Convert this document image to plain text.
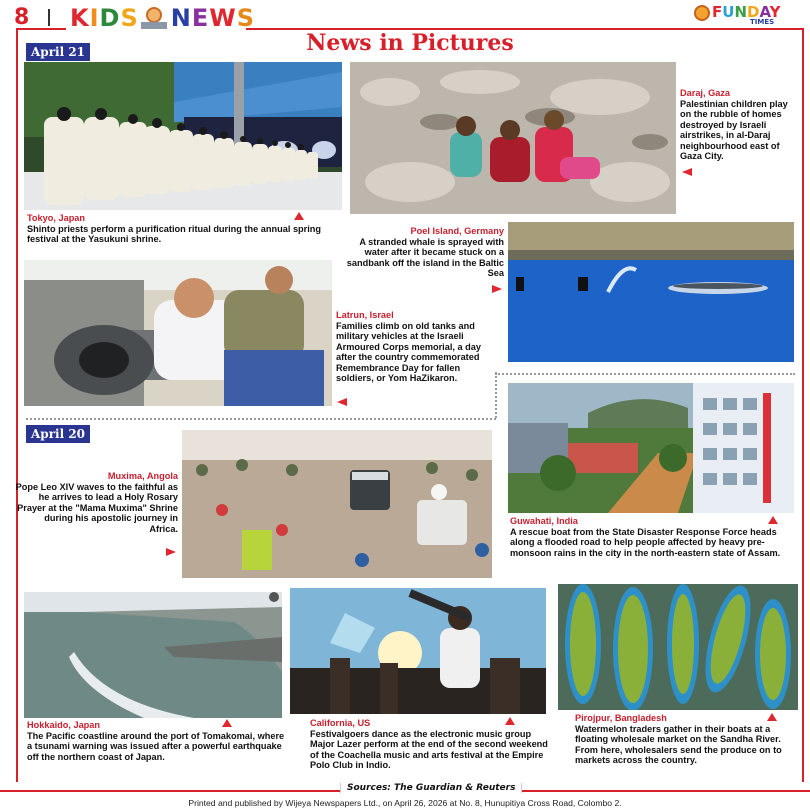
8 K I D S N E W S	FUNDAY
TIMES
News in Pictures
April 21
Tokyo, Japan
Shinto priests perform a purification ritual during the annual spring festival at the Yasukuni shrine.
Daraj, Gaza
Palestinian children play on the rubble of homes destroyed by Israeli airstrikes, in al-Daraj neighbourhood east of Gaza City.
Poel Island, Germany
A stranded whale is sprayed with water after it became stuck on a sandbank off the island in the Baltic Sea
Latrun, Israel
Families climb on old tanks and military vehicles at the Israeli Armoured Corps memorial, a day after the country commemorated Remembrance Day for fallen soldiers, or Yom HaZikaron.
April 20
Muxima, Angola
Pope Leo XIV waves to the faithful as he arrives to lead a Holy Rosary Prayer at the "Mama Muxima" Shrine during his apostolic journey in Africa.
Guwahati, India
A rescue boat from the State Disaster Response Force heads along a flooded road to help people affected by heavy pre-monsoon rains in the city in the north-eastern state of Assam.
Hokkaido, Japan
The Pacific coastline around the port of Tomakomai, where a tsunami warning was issued after a powerful earthquake off the northern coast of Japan.
California, US
Festivalgoers dance as the electronic music group Major Lazer perform at the end of the second weekend of the Coachella music and arts festival at the Empire Polo Club in Indio.
Pirojpur, Bangladesh
Watermelon traders gather in their boats at a floating wholesale market on the Sandha River. From here, wholesalers send the produce on to markets across the country.
Sources: The Guardian & Reuters
Printed and published by Wijeya Newspapers Ltd., on April 26, 2026 at No. 8, Hunupitiya Cross Road, Colombo 2.
